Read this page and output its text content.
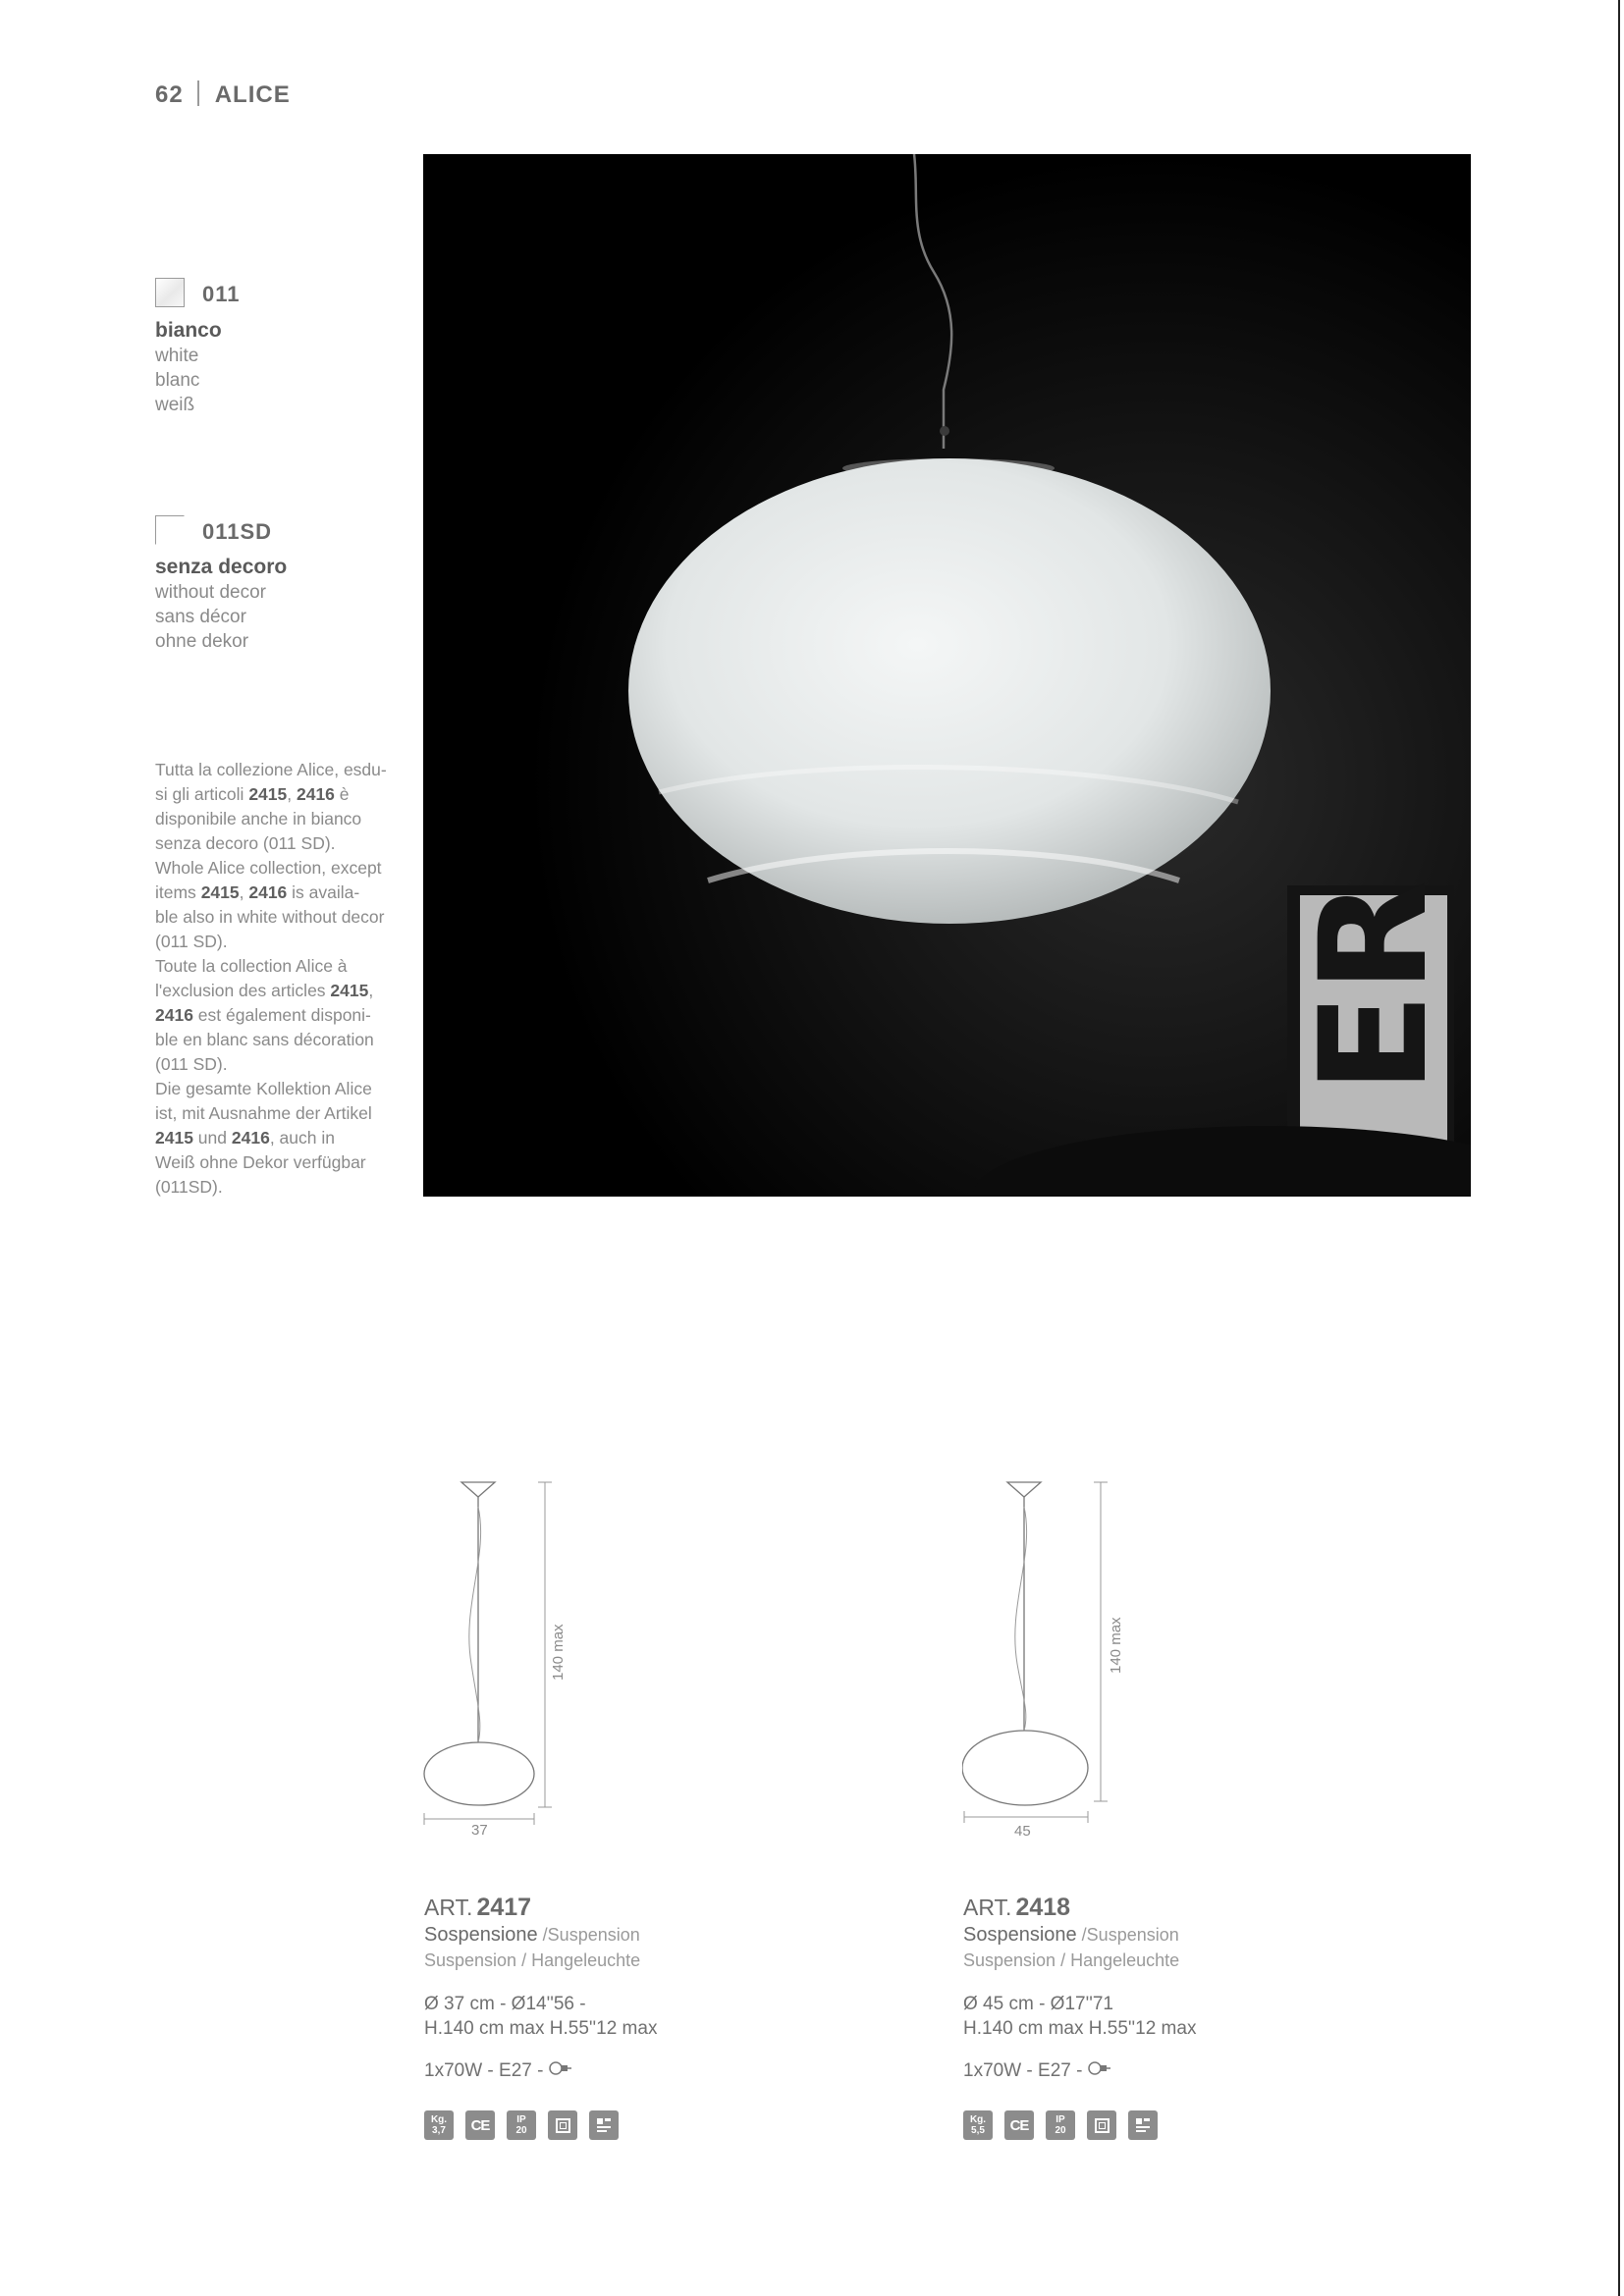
62 ALICE
011
bianco
white
blanc
weiß
011SD
senza decoro
without decor
sans décor
ohne dekor
Tutta la collezione Alice, esdu-
si gli articoli 2415, 2416 è
disponibile anche in bianco
senza decoro (011 SD).
Whole Alice collection, except
items 2415, 2416 is availa-
ble also in white without decor
(011 SD).
Toute la collection Alice à
l'exclusion des articles 2415,
2416 est également disponi-
ble en blanc sans décoration
(011 SD).
Die gesamte Kollektion Alice
ist, mit Ausnahme der Artikel
2415 und 2416, auch in
Weiß ohne Dekor verfügbar
(011SD).
ER
37
140 max
45
140 max
ART. 2417
Sospensione /Suspension
Suspension / Hangeleuchte
Ø 37 cm - Ø14''56 -
H.140 cm max H.55''12 max
1x70W - E27 -
Kg.
3,7	CE	IP
20
ART. 2418
Sospensione /Suspension
Suspension / Hangeleuchte
Ø 45 cm - Ø17''71
H.140 cm max H.55''12 max
1x70W - E27 -
Kg.
5,5	CE	IP
20
